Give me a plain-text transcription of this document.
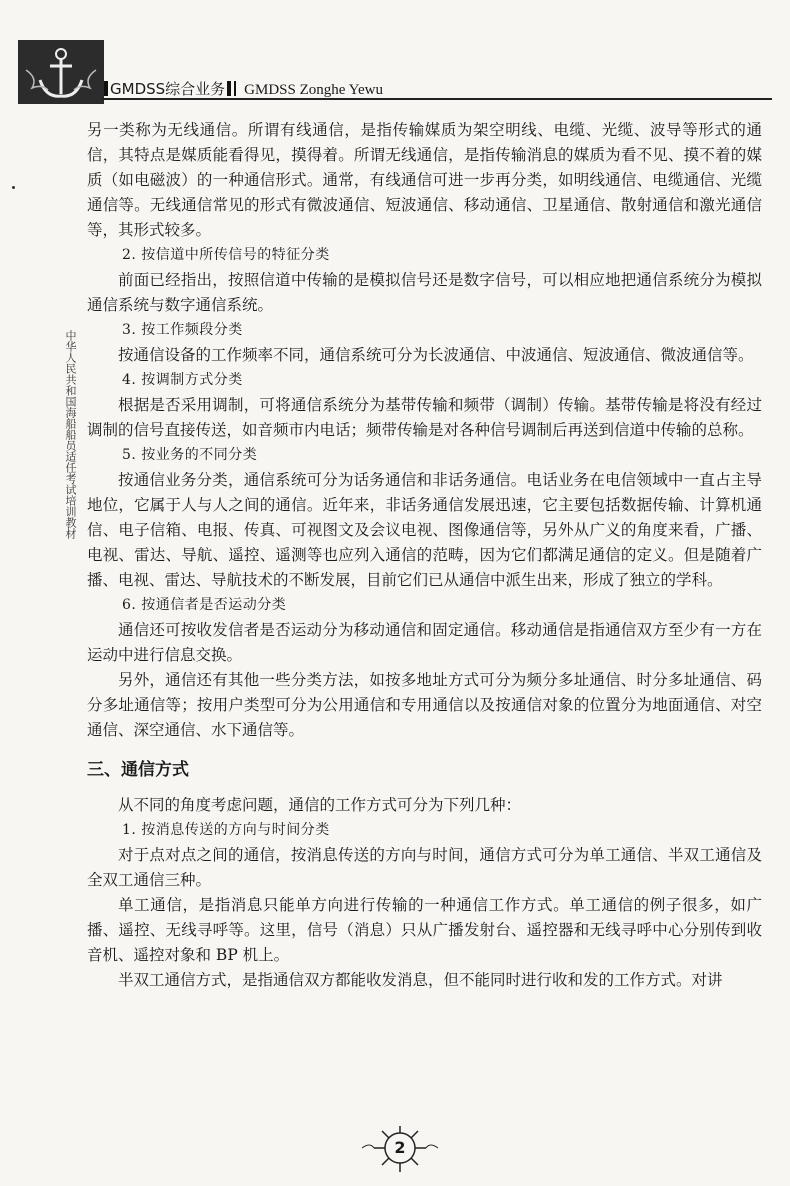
GMDSS综合业务 GMDSS Zonghe Yewu
中华人民共和国海船船员适任考试培训教材

另一类称为无线通信。所谓有线通信，是指传输媒质为架空明线、电缆、光缆、波导等形式的通信，其特点是媒质能看得见，摸得着。所谓无线通信，是指传输消息的媒质为看不见、摸不着的媒质（如电磁波）的一种通信形式。通常，有线通信可进一步再分类，如明线通信、电缆通信、光缆通信等。无线通信常见的形式有微波通信、短波通信、移动通信、卫星通信、散射通信和激光通信等，其形式较多。

2. 按信道中所传信号的特征分类

前面已经指出，按照信道中传输的是模拟信号还是数字信号，可以相应地把通信系统分为模拟通信系统与数字通信系统。

3. 按工作频段分类

按通信设备的工作频率不同，通信系统可分为长波通信、中波通信、短波通信、微波通信等。

4. 按调制方式分类

根据是否采用调制，可将通信系统分为基带传输和频带（调制）传输。基带传输是将没有经过调制的信号直接传送，如音频市内电话；频带传输是对各种信号调制后再送到信道中传输的总称。

5. 按业务的不同分类

按通信业务分类，通信系统可分为话务通信和非话务通信。电话业务在电信领域中一直占主导地位，它属于人与人之间的通信。近年来，非话务通信发展迅速，它主要包括数据传输、计算机通信、电子信箱、电报、传真、可视图文及会议电视、图像通信等，另外从广义的角度来看，广播、电视、雷达、导航、遥控、遥测等也应列入通信的范畴，因为它们都满足通信的定义。但是随着广播、电视、雷达、导航技术的不断发展，目前它们已从通信中派生出来，形成了独立的学科。

6. 按通信者是否运动分类

通信还可按收发信者是否运动分为移动通信和固定通信。移动通信是指通信双方至少有一方在运动中进行信息交换。

另外，通信还有其他一些分类方法，如按多地址方式可分为频分多址通信、时分多址通信、码分多址通信等；按用户类型可分为公用通信和专用通信以及按通信对象的位置分为地面通信、对空通信、深空通信、水下通信等。

三、通信方式

从不同的角度考虑问题，通信的工作方式可分为下列几种：

1. 按消息传送的方向与时间分类

对于点对点之间的通信，按消息传送的方向与时间，通信方式可分为单工通信、半双工通信及全双工通信三种。

单工通信，是指消息只能单方向进行传输的一种通信工作方式。单工通信的例子很多，如广播、遥控、无线寻呼等。这里，信号（消息）只从广播发射台、遥控器和无线寻呼中心分别传到收音机、遥控对象和 BP 机上。

半双工通信方式，是指通信双方都能收发消息，但不能同时进行收和发的工作方式。对讲

2
